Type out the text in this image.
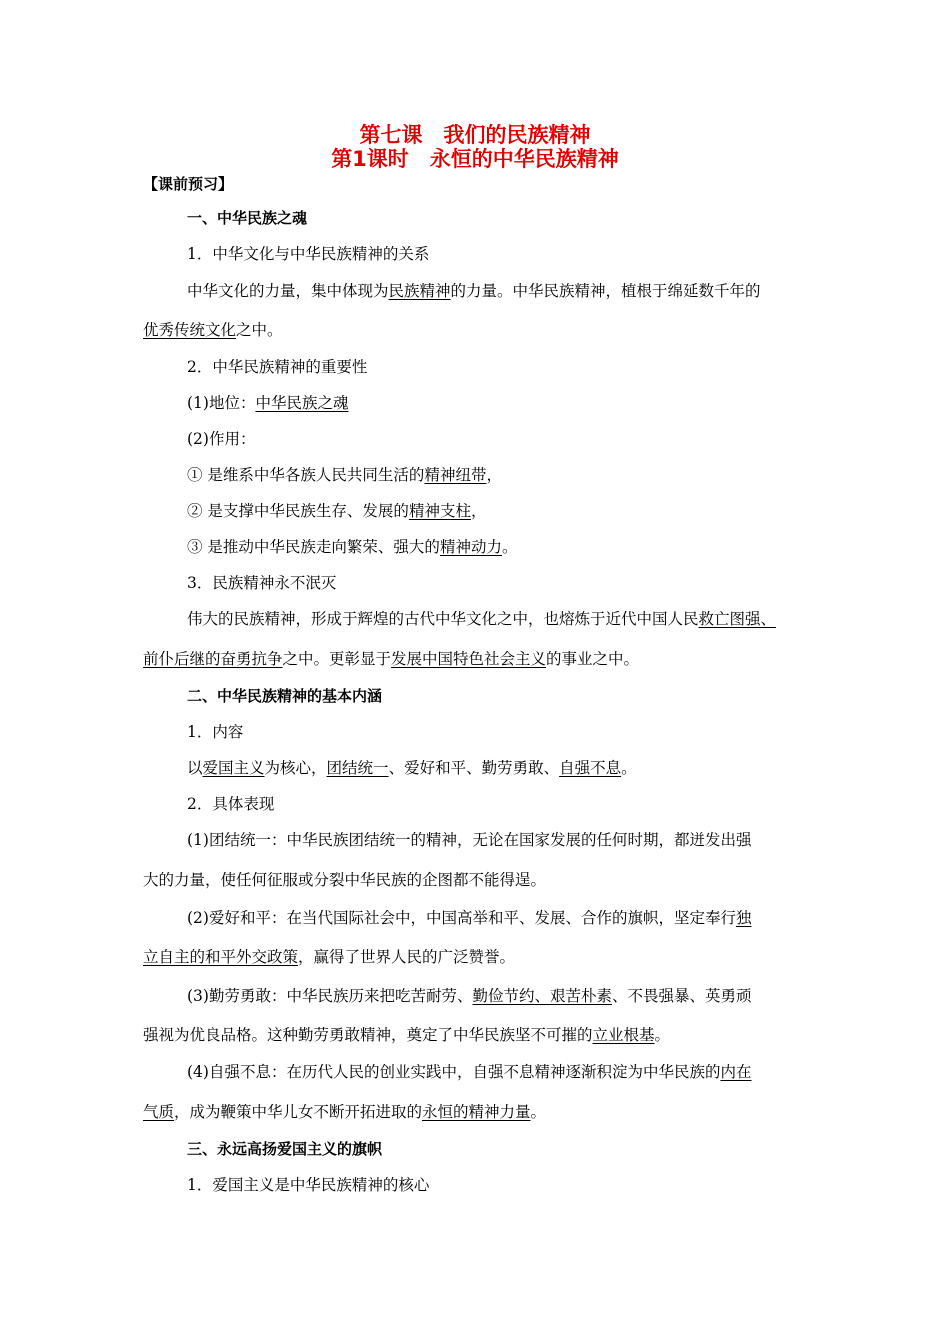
第七课　我们的民族精神
第1课时　永恒的中华民族精神
【课前预习】
一、中华民族之魂
1．中华文化与中华民族精神的关系
中华文化的力量，集中体现为民族精神的力量。中华民族精神，植根于绵延数千年的
优秀传统文化之中。
2．中华民族精神的重要性
(1)地位：中华民族之魂
(2)作用：
① 是维系中华各族人民共同生活的精神纽带，
② 是支撑中华民族生存、发展的精神支柱，
③ 是推动中华民族走向繁荣、强大的精神动力。
3．民族精神永不泯灭
伟大的民族精神，形成于辉煌的古代中华文化之中，也熔炼于近代中国人民救亡图强、
前仆后继的奋勇抗争之中。更彰显于发展中国特色社会主义的事业之中。
二、中华民族精神的基本内涵
1．内容
以爱国主义为核心，团结统一、爱好和平、勤劳勇敢、自强不息。
2．具体表现
(1)团结统一：中华民族团结统一的精神，无论在国家发展的任何时期，都迸发出强
大的力量，使任何征服或分裂中华民族的企图都不能得逞。
(2)爱好和平：在当代国际社会中，中国高举和平、发展、合作的旗帜，坚定奉行独
立自主的和平外交政策，赢得了世界人民的广泛赞誉。
(3)勤劳勇敢：中华民族历来把吃苦耐劳、勤俭节约、艰苦朴素、不畏强暴、英勇顽
强视为优良品格。这种勤劳勇敢精神，奠定了中华民族坚不可摧的立业根基。
(4)自强不息：在历代人民的创业实践中，自强不息精神逐渐积淀为中华民族的内在
气质，成为鞭策中华儿女不断开拓进取的永恒的精神力量。
三、永远高扬爱国主义的旗帜
1．爱国主义是中华民族精神的核心
